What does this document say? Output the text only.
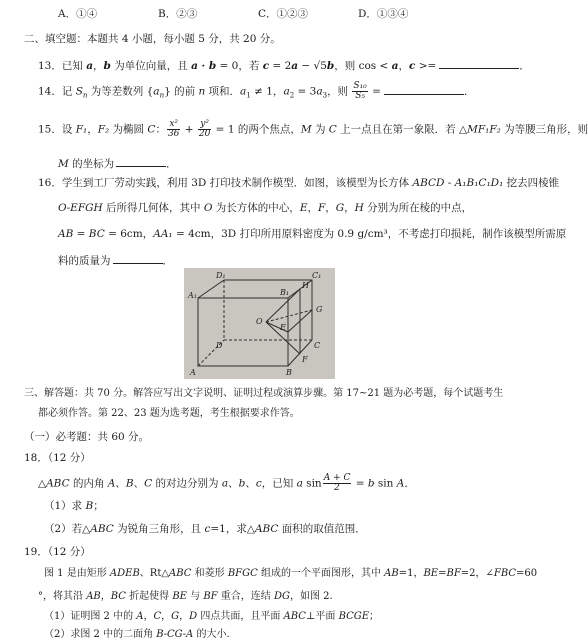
A．①④	B．②③	C．①②③	D．①③④
二、填空题：本题共 4 小题，每小题 5 分，共 20 分。
13．已知 a，b 为单位向量，且 a · b = 0，若 c = 2a − √5b，则 cos < a，c >=	．
14．记 $S_n$ 为等差数列 $\{a_n\}$ 的前 n 项和．$a_1 \ne 1$，$a_2 = 3a_3$，则 $\frac{\text{S₁₀}}{\text{S₅}}$ =	．
15．设 F₁，F₂ 为椭圆 C： $\frac{\text{x²}}{36} + \frac{\text{y²}}{20} = 1$ 的两个焦点，M 为 C 上一点且在第一象限．若 △MF₁F₂ 为等腰三角形，则
M 的坐标为	．
16．学生到工厂劳动实践，利用 3D 打印技术制作模型．如图，该模型为长方体 ABCD - A₁B₁C₁D₁ 挖去四棱锥
O-EFGH 后所得几何体，其中 O 为长方体的中心，E，F，G，H 分别为所在棱的中点，
AB = BC = 6cm，AA₁ = 4cm，3D 打印所用原料密度为 0.9 g/cm³，不考虑打印损耗，制作该模型所需原
料的质量为	．
D₁	C₁
A₁	B₁
H
G
E
F
O
D	C
A	B
三、解答题：共 70 分。解答应写出文字说明、证明过程或演算步骤。第 17~21 题为必考题，每个试题考生
都必须作答。第 22、23 题为选考题，考生根据要求作答。
（一）必考题：共 60 分。
18．（12 分）
△ABC 的内角 A、B、C 的对边分别为 a、b、c，已知 a $\sin \frac{A + C}{2} = b$ sin A．
（1）求 B；
（2）若△ABC 为锐角三角形，且 c=1，求△ABC 面积的取值范围．
19．（12 分）
图 1 是由矩形 ADEB、Rt△ABC 和菱形 BFGC 组成的一个平面图形，其中 AB=1，BE=BF=2，∠FBC=60
°，将其沿 AB，BC 折起使得 BE 与 BF 重合，连结 DG，如图 2．
（1）证明图 2 中的 A，C，G，D 四点共面，且平面 ABC⊥平面 BCGE；
（2）求图 2 中的二面角 B-CG-A 的大小．
